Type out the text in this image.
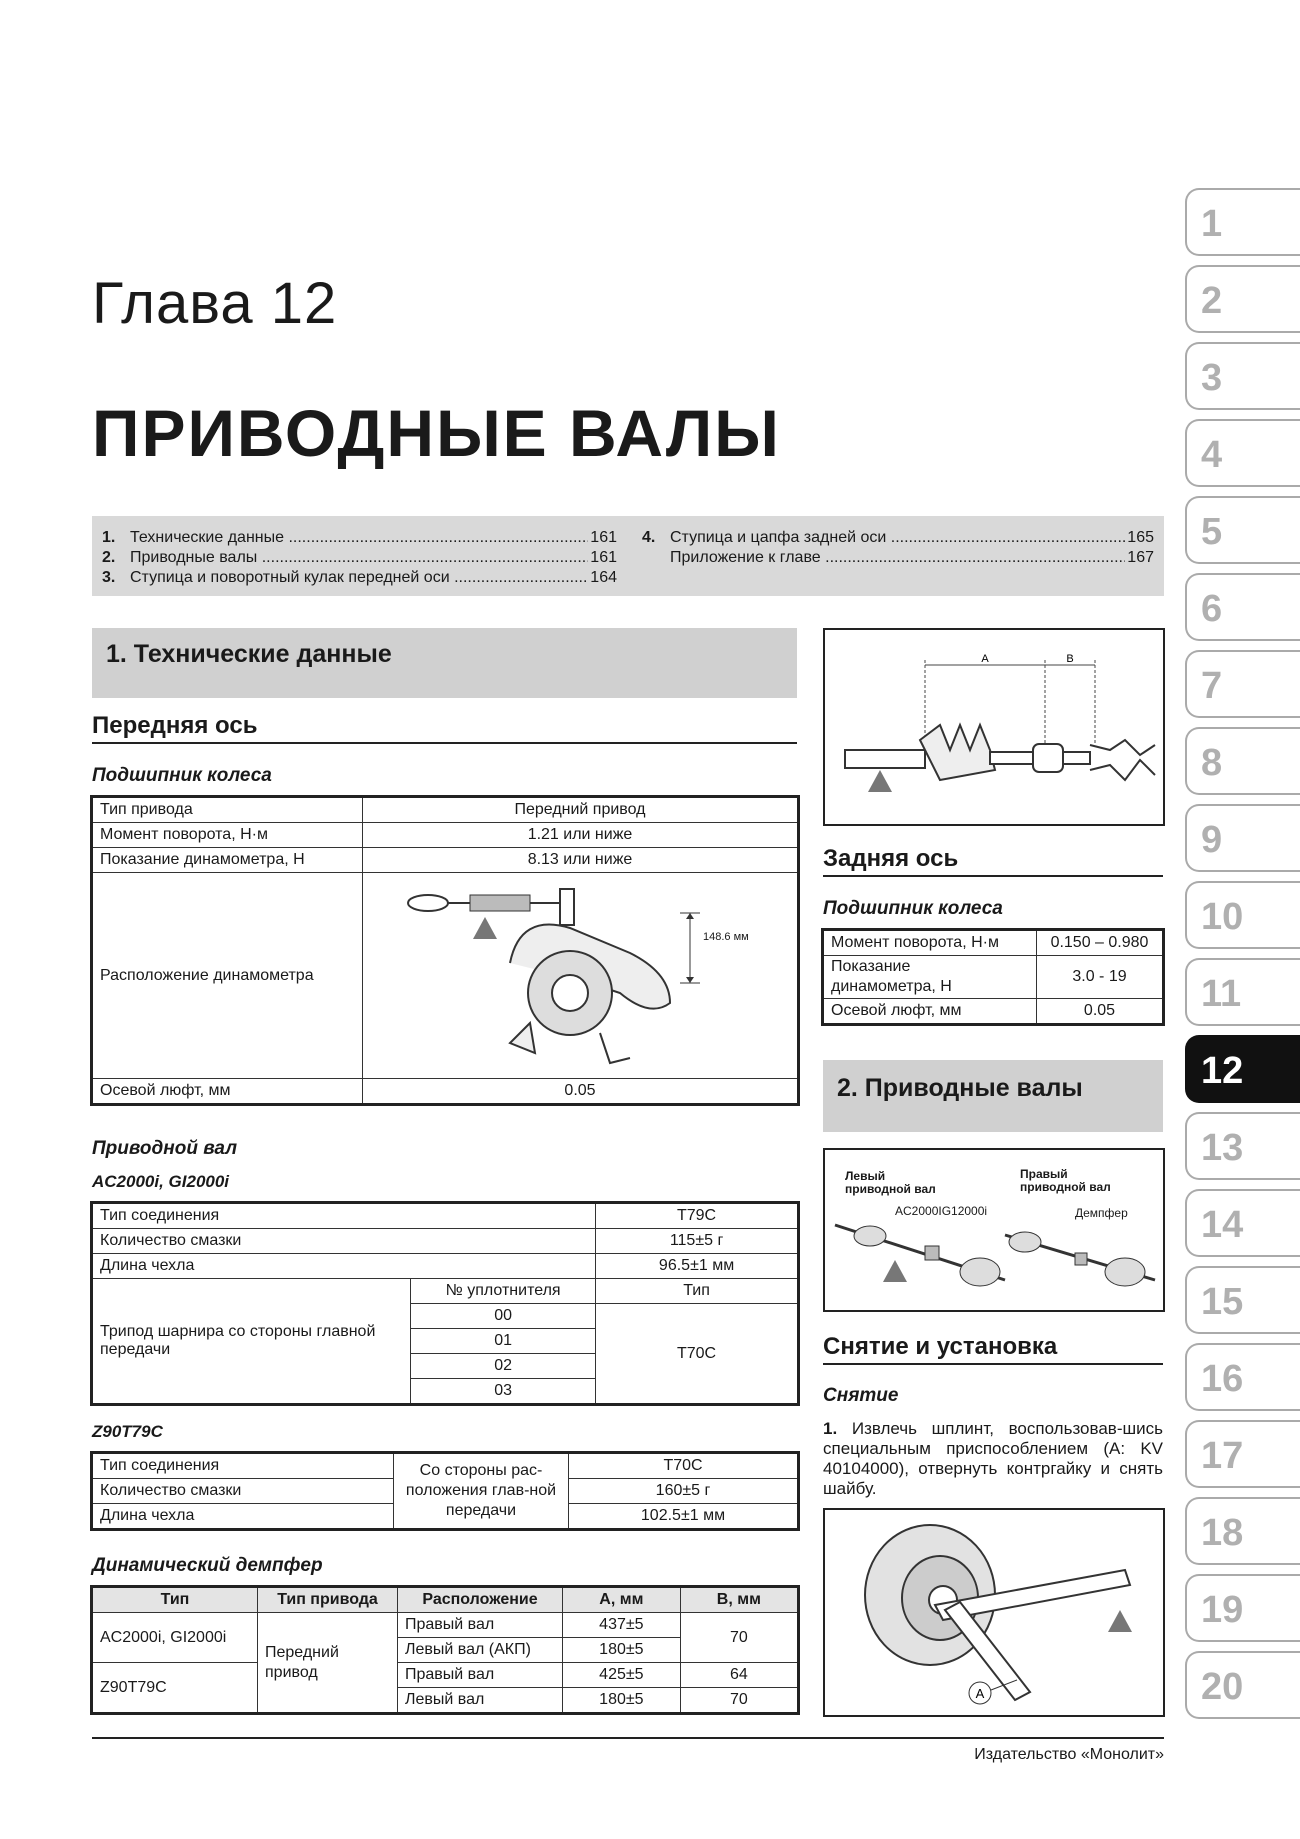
Глава 12
ПРИВОДНЫЕ ВАЛЫ
1. Технические данные .....	161
2. Приводные валы .....	161
3. Ступица и поворотный кулак передней оси .....	164
4. Ступица и цапфа задней оси .....	165
Приложение к главе .....	167
1. Технические данные
Передняя ось
Подшипник колеса
Тип привода	Передний привод
Момент поворота, Н·м	1.21 или ниже
Показание динамометра, Н	8.13 или ниже
Расположение динамометра	148.6 мм

Осевой люфт, мм	0.05
Приводной вал
AC2000i, GI2000i
Тип соединения		T79C
Количество смазки		115±5 г
Длина чехла		96.5±1 мм
Трипод шарнира со стороны главной передачи	№ уплотнителя	Тип
	00	T70C
	01	
	02	
	03	
Z90T79C
Тип соединения	Со стороны рас-положения глав-ной передачи	T70C
Количество смазки		160±5 г
Длина чехла		102.5±1 мм
Динамический демпфер
Тип	Тип привода	Расположение	A, мм	B, мм
AC2000i, GI2000i	Передний привод	Правый вал	437±5	70
		Левый вал (АКП)	180±5	
Z90T79C		Правый вал	425±5	64
		Левый вал	180±5	70
A	B
Задняя ось
Подшипник колеса
Момент поворота, Н·м	0.150 – 0.980
Показание динамометра, Н	3.0 - 19
Осевой люфт, мм	0.05
2. Приводные валы
Левый приводной вал
Правый приводной вал
AC2000IG12000i	Демпфер
Снятие и установка
Снятие
1. Извлечь шплинт, воспользовав-шись специальным приспособлением (A: KV 40104000), отвернуть контргайку и снять шайбу.
A
1
2
3
4
5
6
7
8
9
10
11
12
13
14
15
16
17
18
19
20
Издательство «Монолит»
